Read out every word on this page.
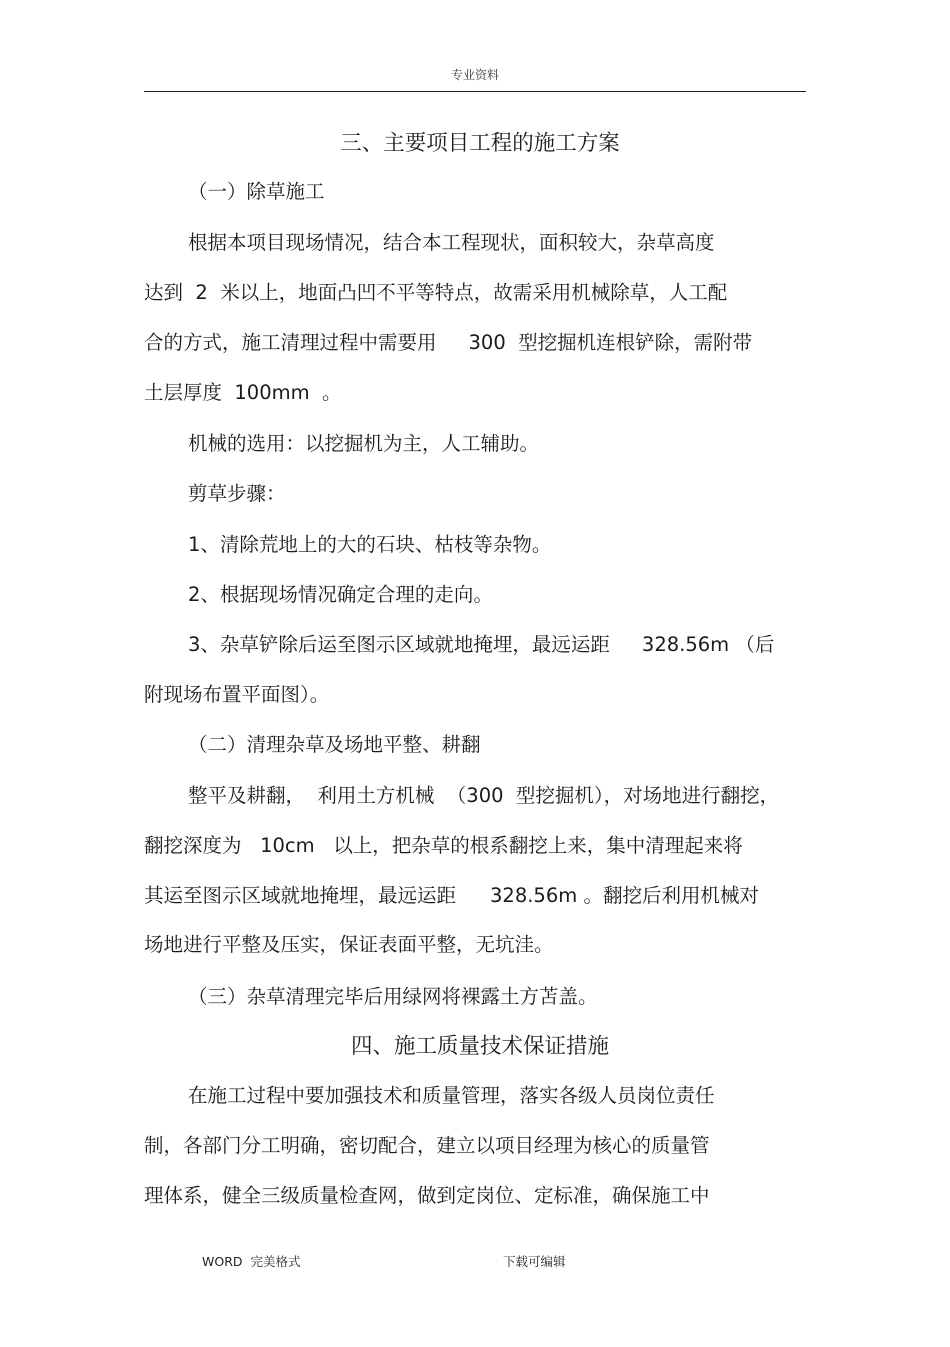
专业资料
三、主要项目工程的施工方案
（一）除草施工
根据本项目现场情况，结合本工程现状，面积较大，杂草高度
达到  2  米以上，地面凸凹不平等特点，故需采用机械除草，人工配
合的方式，施工清理过程中需要用 300  型挖掘机连根铲除，需附带
土层厚度  100mm  。
机械的选用：以挖掘机为主，人工辅助。
剪草步骤：
1、清除荒地上的大的石块、枯枝等杂物。
2、根据现场情况确定合理的走向。
3、杂草铲除后运至图示区域就地掩埋，最远运距 328.56m （后
附现场布置平面图）。
（二）清理杂草及场地平整、耕翻
整平及耕翻，  利用土方机械  （300  型挖掘机），对场地进行翻挖，
翻挖深度为   10cm   以上，把杂草的根系翻挖上来，集中清理起来将
其运至图示区域就地掩埋，最远运距 328.56m 。翻挖后利用机械对
场地进行平整及压实，保证表面平整，无坑洼。
（三）杂草清理完毕后用绿网将裸露土方苫盖。
四、施工质量技术保证措施
在施工过程中要加强技术和质量管理，落实各级人员岗位责任
制，各部门分工明确，密切配合，建立以项目经理为核心的质量管
理体系，健全三级质量检查网，做到定岗位、定标准，确保施工中
WORD  完美格式	下载可编辑
